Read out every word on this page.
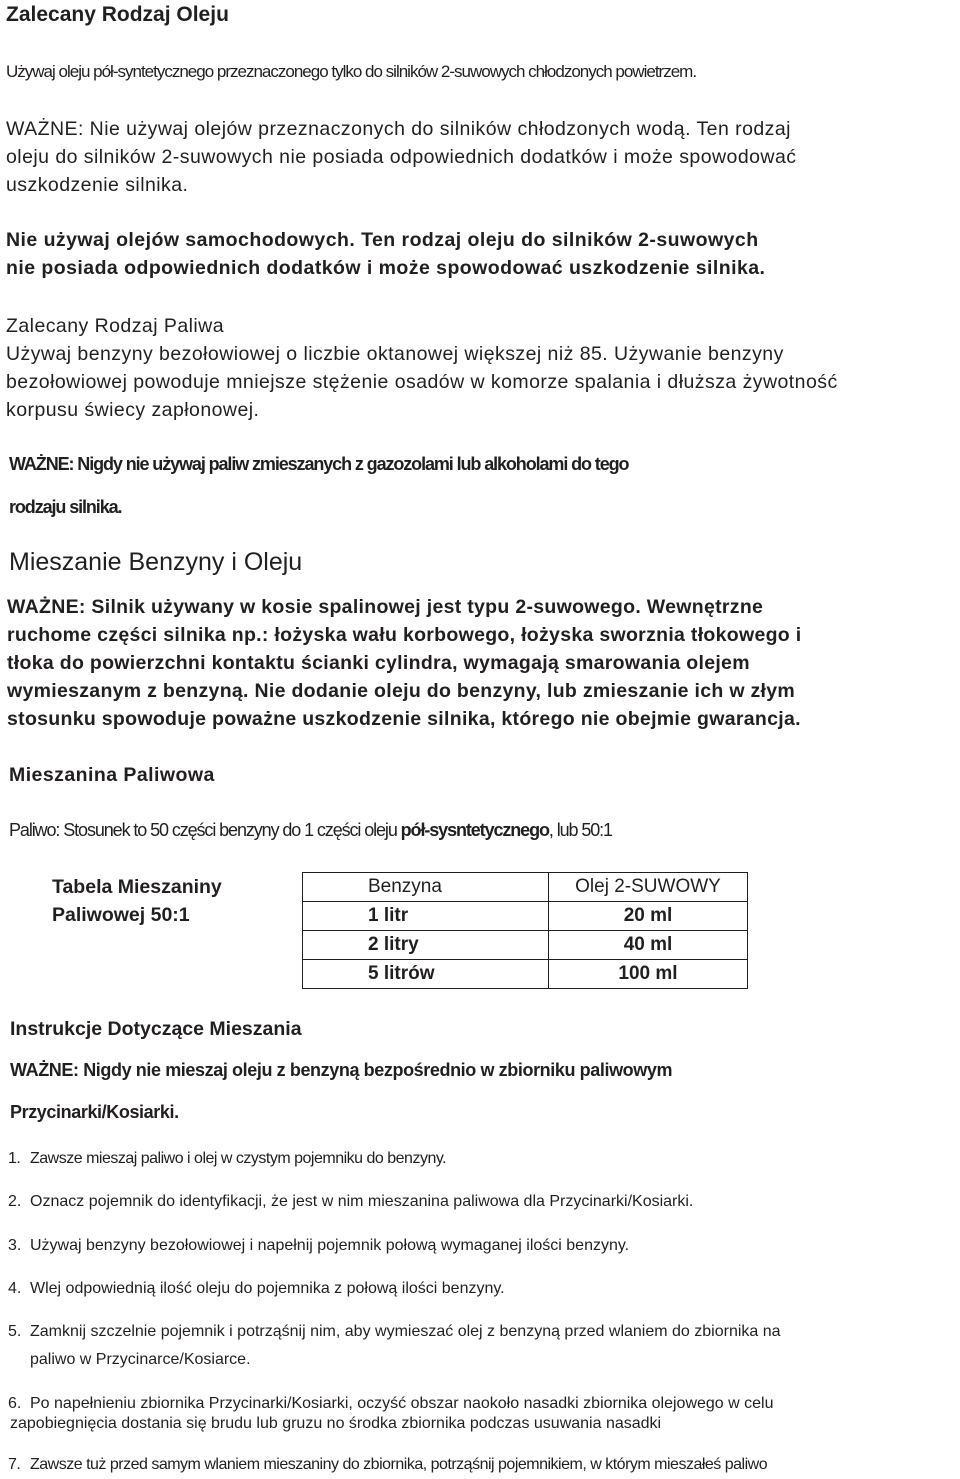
Zalecany Rodzaj Oleju
Używaj oleju pół-syntetycznego przeznaczonego tylko do silników 2-suwowych chłodzonych powietrzem.
WAŻNE: Nie używaj olejów przeznaczonych do silników chłodzonych wodą. Ten rodzaj
oleju do silników 2-suwowych nie posiada odpowiednich dodatków i może spowodować
uszkodzenie silnika.
Nie używaj olejów samochodowych. Ten rodzaj oleju do silników 2-suwowych
nie posiada odpowiednich dodatków i może spowodować uszkodzenie silnika.
Zalecany Rodzaj Paliwa
Używaj benzyny bezołowiowej o liczbie oktanowej większej niż 85. Używanie benzyny
bezołowiowej powoduje mniejsze stężenie osadów w komorze spalania i dłuższa żywotność
korpusu świecy zapłonowej.
WAŻNE: Nigdy nie używaj paliw zmieszanych z gazozolami lub alkoholami do tego
rodzaju silnika.
Mieszanie Benzyny i Oleju
WAŻNE: Silnik używany w kosie spalinowej jest typu 2-suwowego. Wewnętrzne
ruchome części silnika np.: łożyska wału korbowego, łożyska sworznia tłokowego i
tłoka do powierzchni kontaktu ścianki cylindra, wymagają smarowania olejem
wymieszanym z benzyną. Nie dodanie oleju do benzyny, lub zmieszanie ich w złym
stosunku spowoduje poważne uszkodzenie silnika, którego nie obejmie gwarancja.
Mieszanina Paliwowa
Paliwo: Stosunek to 50 części benzyny do 1 części oleju pół-sysntetycznego, lub 50:1
Tabela Mieszaniny
Paliwowej 50:1
Benzyna	Olej 2-SUWOWY
1 litr	20 ml
2 litry	40 ml
5 litrów	100 ml
Instrukcje Dotyczące Mieszania
WAŻNE: Nigdy nie mieszaj oleju z benzyną bezpośrednio w zbiorniku paliwowym
Przycinarki/Kosiarki.
1. Zawsze mieszaj paliwo i olej w czystym pojemniku do benzyny.
2. Oznacz pojemnik do identyfikacji, że jest w nim mieszanina paliwowa dla Przycinarki/Kosiarki.
3. Używaj benzyny bezołowiowej i napełnij pojemnik połową wymaganej ilości benzyny.
4. Wlej odpowiednią ilość oleju do pojemnika z połową ilości benzyny.
5. Zamknij szczelnie pojemnik i potrząśnij nim, aby wymieszać olej z benzyną przed wlaniem do zbiornika na
paliwo w Przycinarce/Kosiarce.
6. Po napełnieniu zbiornika Przycinarki/Kosiarki, oczyść obszar naokoło nasadki zbiornika olejowego w celu
zapobiegnięcia dostania się brudu lub gruzu no środka zbiornika podczas usuwania nasadki
7. Zawsze tuż przed samym wlaniem mieszaniny do zbiornika, potrząśnij pojemnikiem, w którym mieszałeś paliwo
